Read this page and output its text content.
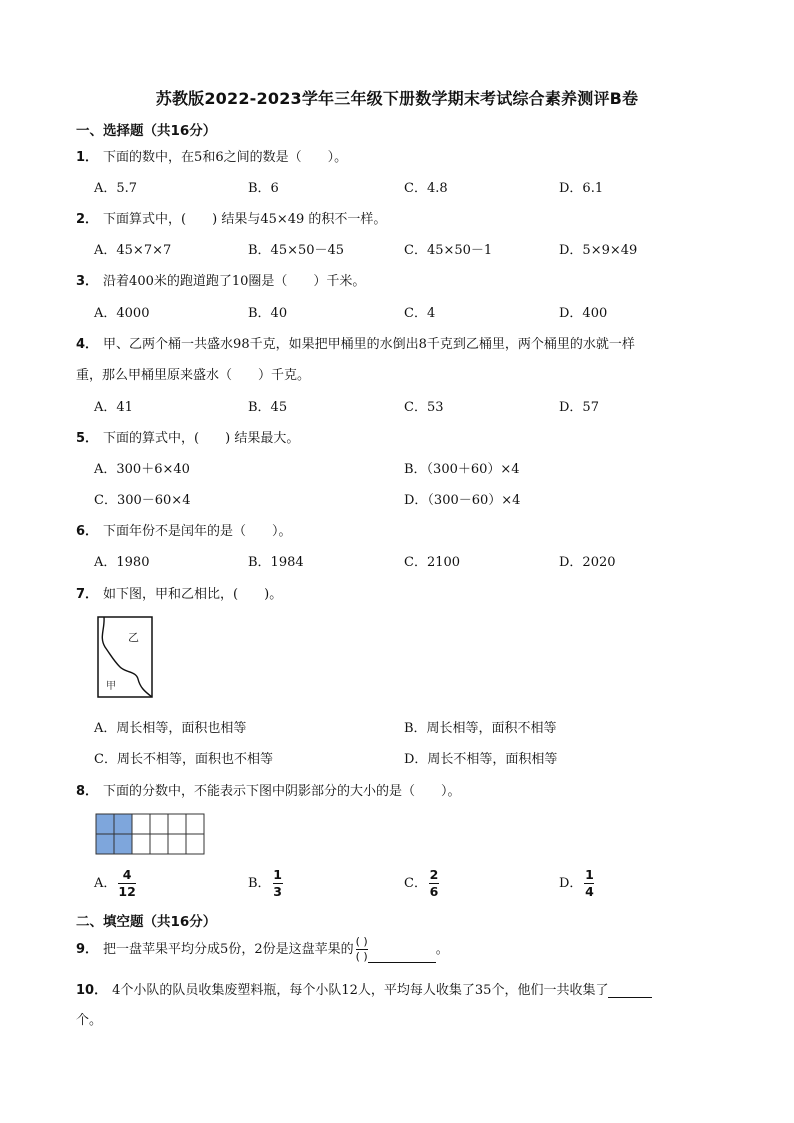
苏教版2022-2023学年三年级下册数学期末考试综合素养测评B卷
一、选择题（共16分）
1． 下面的数中，在5和6之间的数是（　　）。
A．5.7	B．6	C．4.8	D．6.1
2． 下面算式中，(　　) 结果与45×49 的积不一样。
A．45×7×7	B．45×50－45	C．45×50－1	D．5×9×49
3． 沿着400米的跑道跑了10圈是（　　）千米。
A．4000	B．40	C．4	D．400
4． 甲、乙两个桶一共盛水98千克，如果把甲桶里的水倒出8千克到乙桶里，两个桶里的水就一样
重，那么甲桶里原来盛水（　　）千克。
A．41	B．45	C．53	D．57
5． 下面的算式中，(　　) 结果最大。
A．300＋6×40	B．（300＋60）×4
C．300－60×4	D．（300－60）×4
6． 下面年份不是闰年的是（　　）。
A．1980	B．1984	C．2100	D．2020
7． 如下图，甲和乙相比，(　　)。
乙
甲
A．周长相等，面积也相等	B．周长相等，面积不相等
C．周长不相等，面积也不相等	D．周长不相等，面积相等
8． 下面的分数中，不能表示下图中阴影部分的大小的是（　　）。
A． $\frac{4}{12}$	B． $\frac{1}{3}$	C． $\frac{2}{6}$	D． $\frac{1}{4}$
二、填空题（共16分）
9． 把一盘苹果平均分成5份，2份是这盘苹果的 $\frac{( )}{( )}$	。
10． 4个小队的队员收集废塑料瓶，每个小队12人，平均每人收集了35个，他们一共收集了
个。
